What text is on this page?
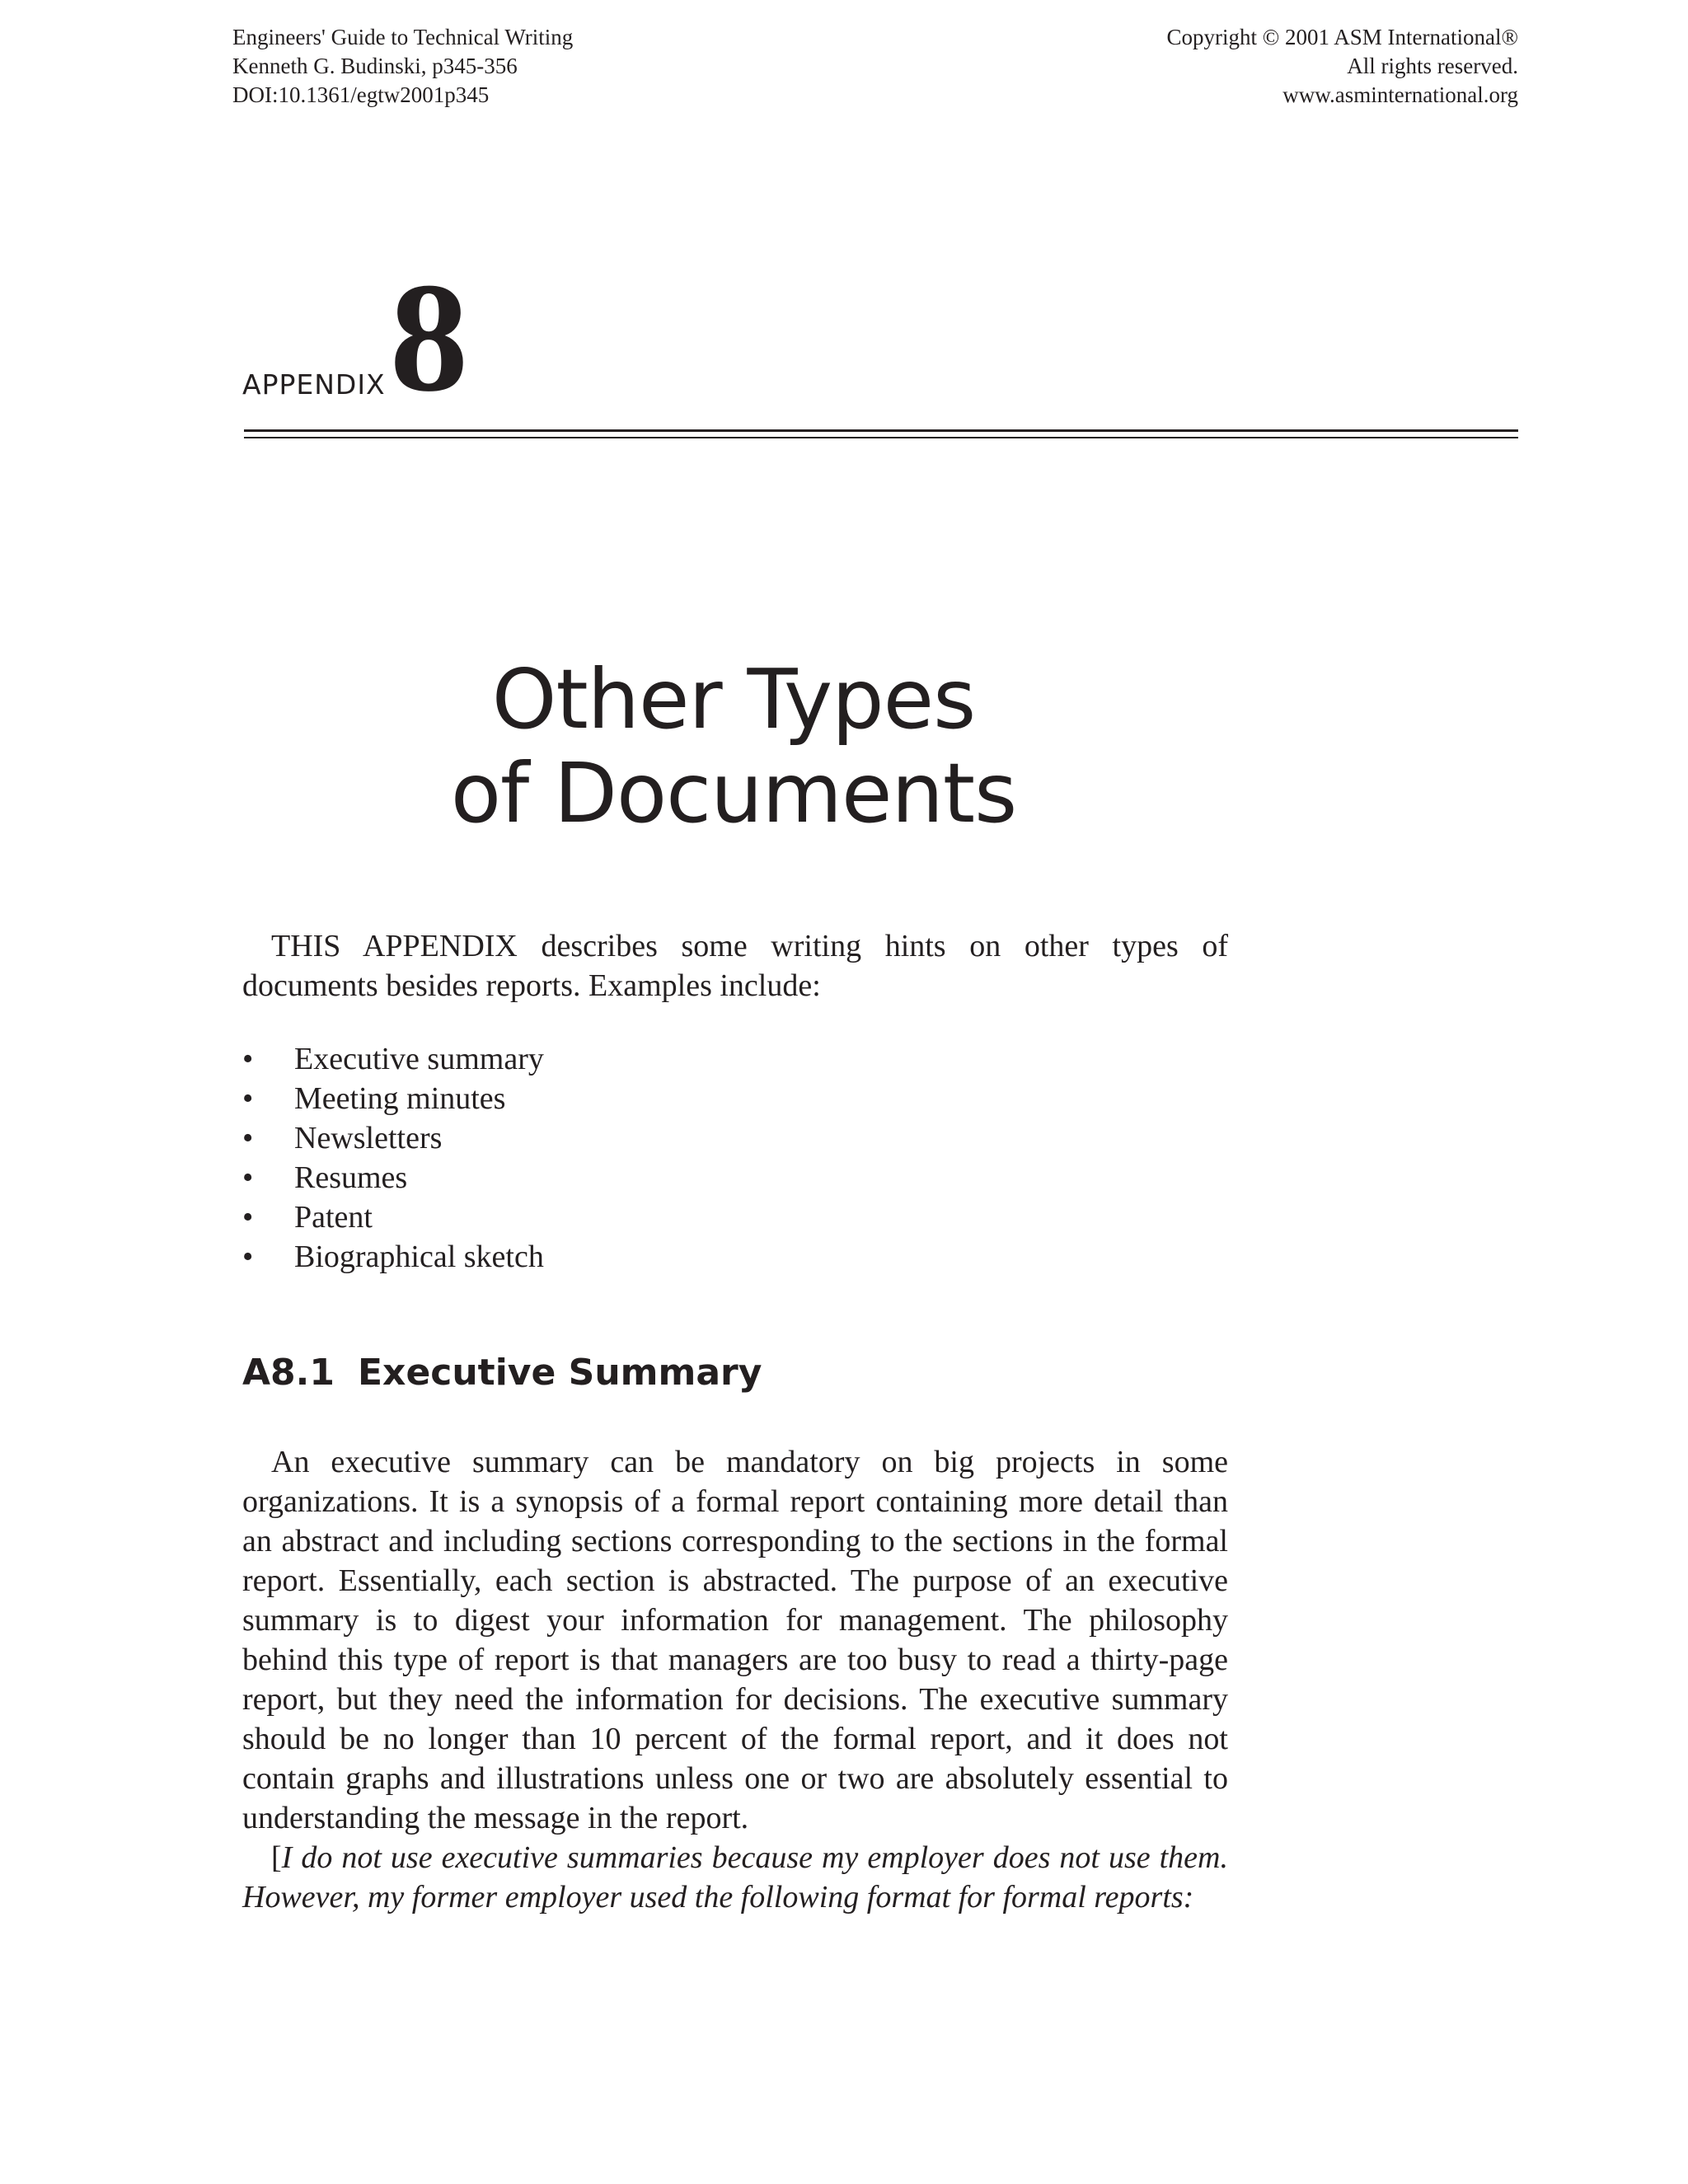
Engineers' Guide to Technical Writing
Kenneth G. Budinski, p345-356
DOI:10.1361/egtw2001p345
Copyright © 2001 ASM International®
All rights reserved.
www.asminternational.org
APPENDIX 8
Other Types
of Documents

THIS APPENDIX describes some writing hints on other types of documents besides reports. Examples include:

• Executive summary
• Meeting minutes
• Newsletters
• Resumes
• Patent
• Biographical sketch
A8.1 Executive Summary

An executive summary can be mandatory on big projects in some organizations. It is a synopsis of a formal report containing more detail than an abstract and including sections corresponding to the sections in the formal report. Essentially, each section is abstracted. The purpose of an executive summary is to digest your information for management. The philosophy behind this type of report is that managers are too busy to read a thirty-page report, but they need the information for decisions. The executive summary should be no longer than 10 percent of the formal report, and it does not contain graphs and illustrations unless one or two are absolutely essential to understanding the message in the report.

[I do not use executive summaries because my employer does not use them. However, my former employer used the following format for formal reports:
